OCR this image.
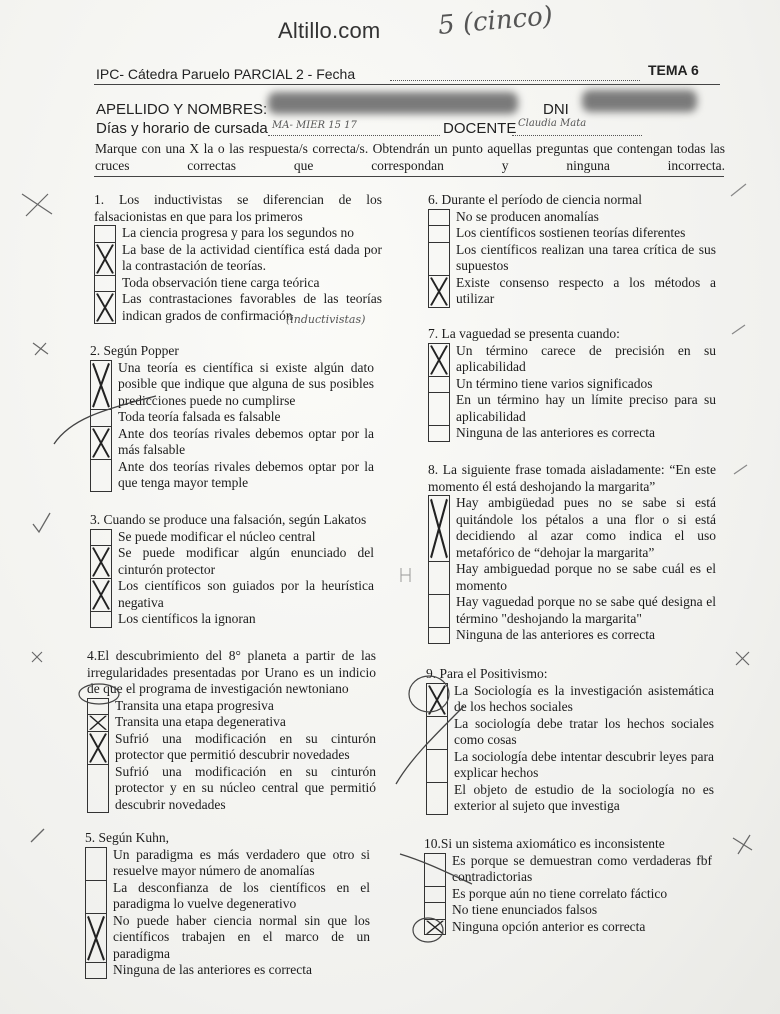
Altillo.com 5 (cinco)
IPC- Cátedra Paruelo PARCIAL 2 - Fecha	TEMA 6
APELLIDO Y NOMBRES:	DNI
Días y horario de cursada MA- MIER 15 17	DOCENTE Claudia Mata
Marque con una X la o las respuesta/s correcta/s. Obtendrán un punto aquellas preguntas que contengan todas las cruces correctas que correspondan y ninguna incorrecta.
1. Los inductivistas se diferencian de los falsacionistas en que para los primeros
La ciencia progresa y para los segundos no
La base de la actividad científica está dada por la contrastación de teorías.
Toda observación tiene carga teórica
Las contrastaciones favorables de las teorías indican grados de confirmación
(inductivistas)
2. Según Popper
Una teoría es científica si existe algún dato posible que indique que alguna de sus posibles predicciones puede no cumplirse
Toda teoría falsada es falsable
Ante dos teorías rivales debemos optar por la más falsable
Ante dos teorías rivales debemos optar por la que tenga mayor temple
3. Cuando se produce una falsación, según Lakatos
Se puede modificar el núcleo central
Se puede modificar algún enunciado del cinturón protector
Los científicos son guiados por la heurística negativa
Los científicos la ignoran
4.El descubrimiento del 8° planeta a partir de las irregularidades presentadas por Urano es un indicio de que el programa de investigación newtoniano
Transita una etapa progresiva
Transita una etapa degenerativa
Sufrió una modificación en su cinturón protector que permitió descubrir novedades
Sufrió una modificación en su cinturón protector y en su núcleo central que permitió descubrir novedades
5. Según Kuhn,
Un paradigma es más verdadero que otro si resuelve mayor número de anomalías
La desconfianza de los científicos en el paradigma lo vuelve degenerativo
No puede haber ciencia normal sin que los científicos trabajen en el marco de un paradigma
Ninguna de las anteriores es correcta
6. Durante el período de ciencia normal
No se producen anomalías
Los científicos sostienen teorías diferentes
Los científicos realizan una tarea crítica de sus supuestos
Existe consenso respecto a los métodos a utilizar
7. La vaguedad se presenta cuando:
Un término carece de precisión en su aplicabilidad
Un término tiene varios significados
En un término hay un límite preciso para su aplicabilidad
Ninguna de las anteriores es correcta
8. La siguiente frase tomada aisladamente: “En este momento él está deshojando la margarita”
Hay ambigüedad pues no se sabe si está quitándole los pétalos a una flor o si está decidiendo al azar como indica el uso metafórico de “dehojar la margarita”
Hay ambiguedad porque no se sabe cuál es el momento
Hay vaguedad porque no se sabe qué designa el término "deshojando la margarita"
Ninguna de las anteriores es correcta
9. Para el Positivismo:
La Sociología es la investigación asistemática de los hechos sociales
La sociología debe tratar los hechos sociales como cosas
La sociología debe intentar descubrir leyes para explicar hechos
El objeto de estudio de la sociología no es exterior al sujeto que investiga
10.Si un sistema axiomático es inconsistente
Es porque se demuestran como verdaderas fbf contradictorias
Es porque aún no tiene correlato fáctico
No tiene enunciados falsos
Ninguna opción anterior es correcta
